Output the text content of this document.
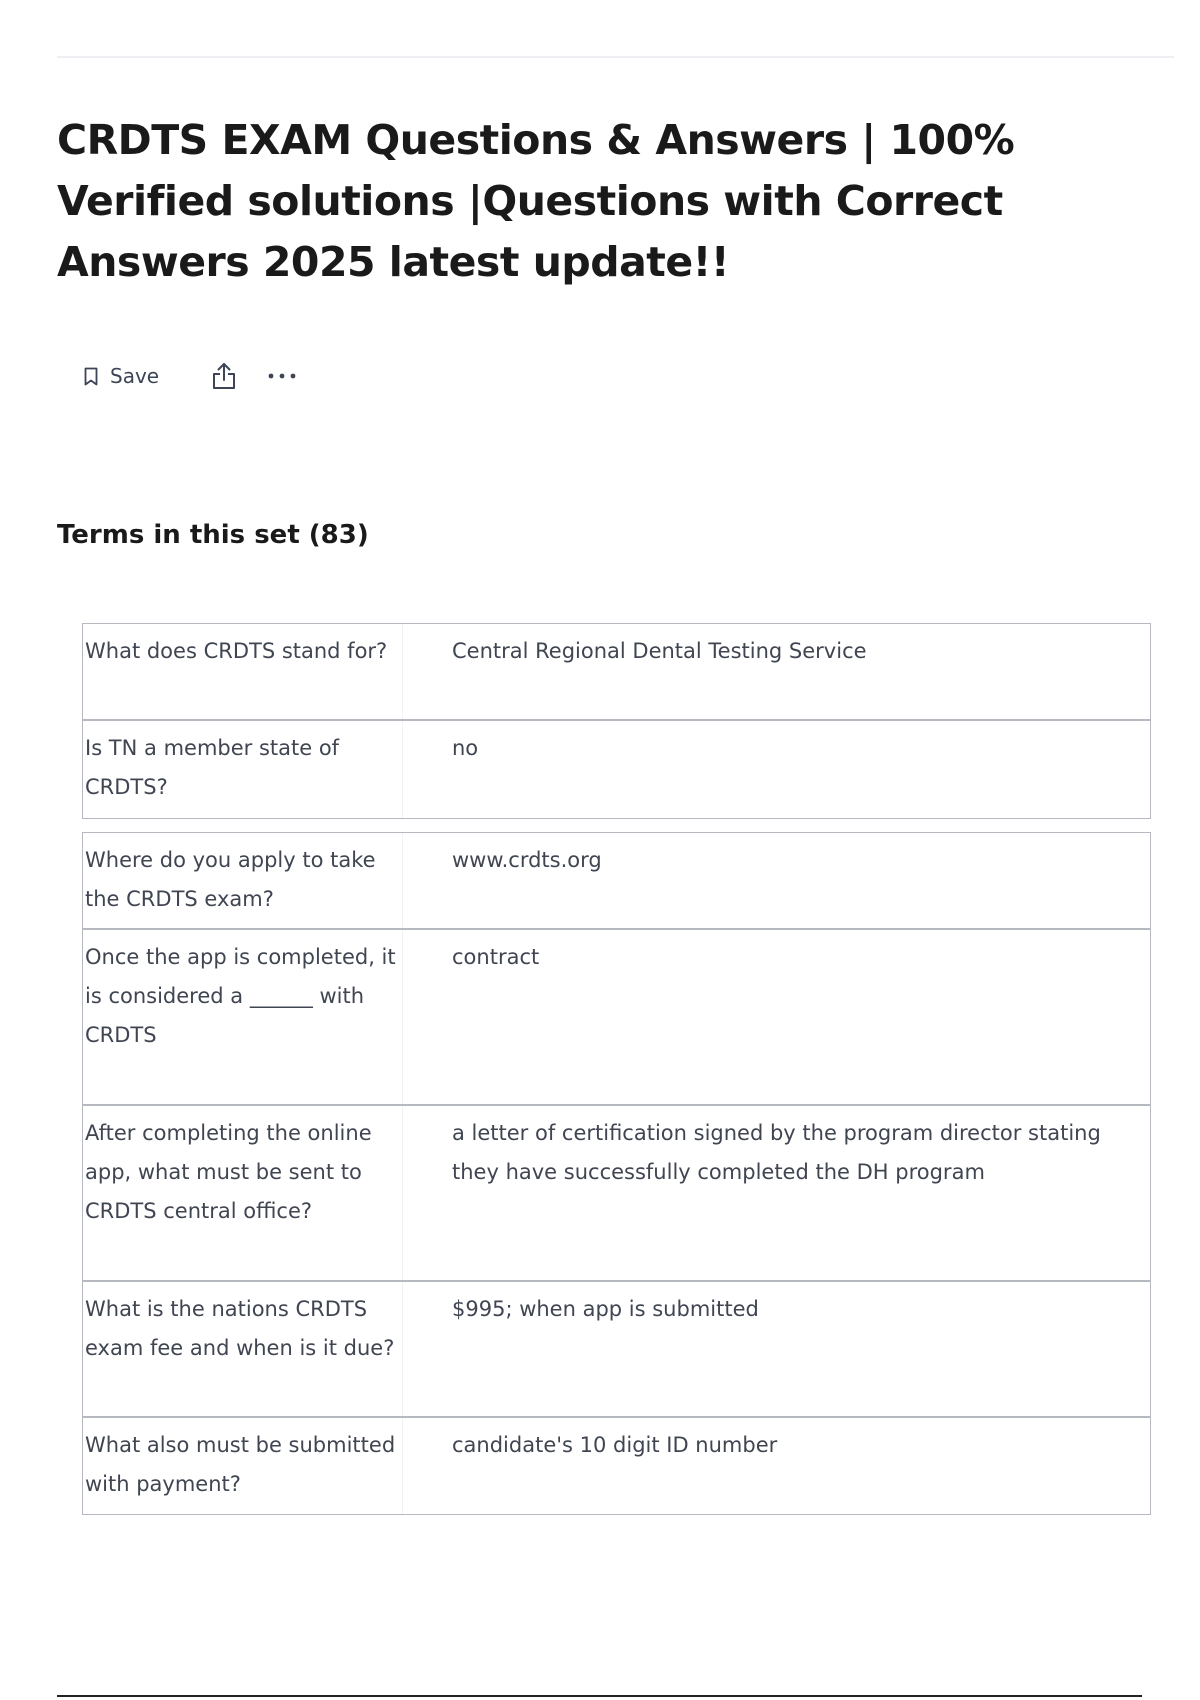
CRDTS EXAM Questions & Answers | 100% Verified solutions |Questions with Correct Answers 2025 latest update!!
Save
Terms in this set (83)
What does CRDTS stand for?	Central Regional Dental Testing Service
Is TN a member state of CRDTS?
no
Where do you apply to take the CRDTS exam?
www.crdts.org
Once the app is completed, it is considered a ______ with CRDTS
contract
After completing the online app, what must be sent to CRDTS central office?
a letter of certification signed by the program director stating they have successfully completed the DH program
What is the nations CRDTS exam fee and when is it due?
$995; when app is submitted
What also must be submitted with payment?
candidate's 10 digit ID number
